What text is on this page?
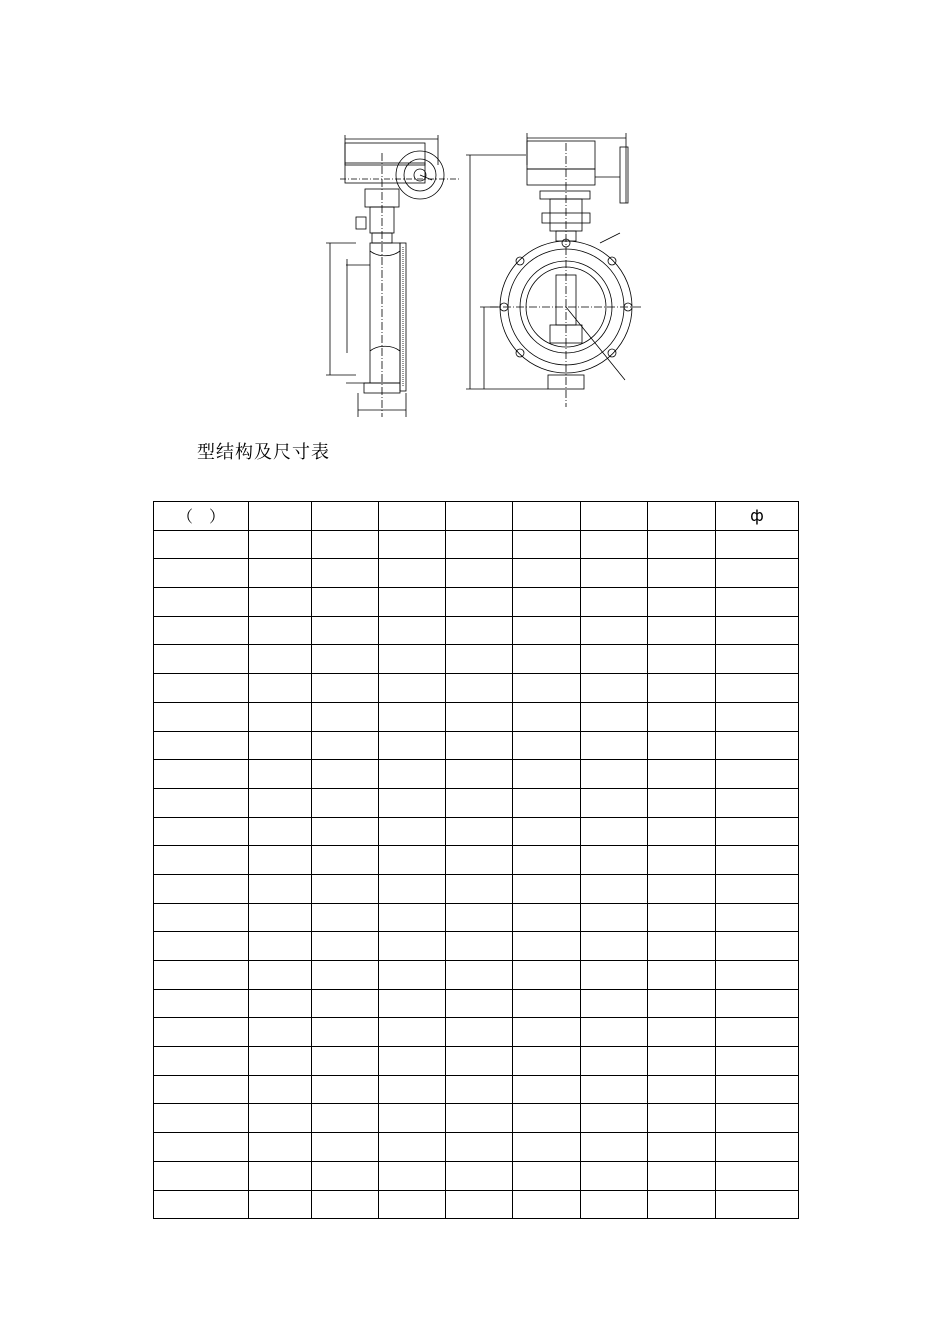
型结构及尺寸表
（　）								ф
